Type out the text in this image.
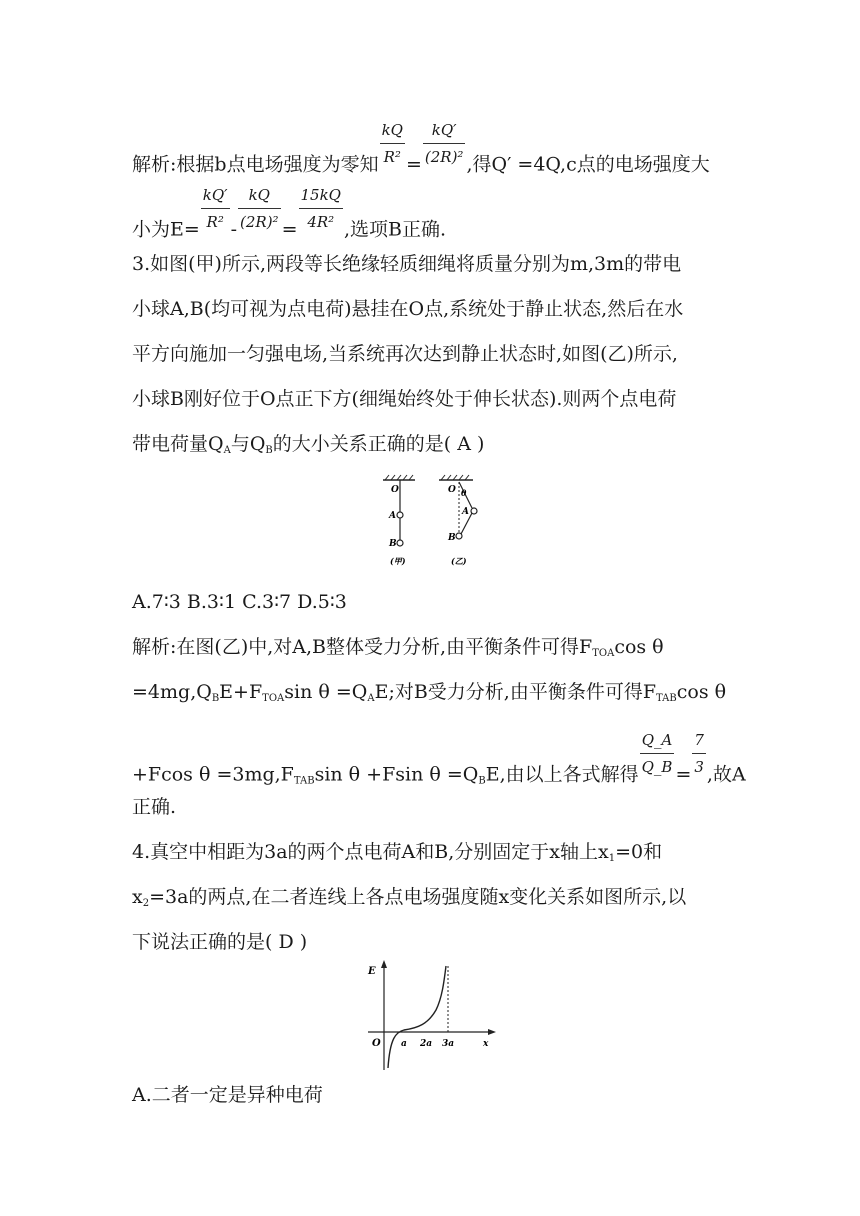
解析:根据b点电场强度为零知 $\frac{kQ}{\text{R²}} = \frac{kQ'}{\text{(2R)²}}$ ,得Q′ =4Q,c点的电场强度大
小为$E= \frac{kQ'}{\text{R²}} - \frac{kQ}{\text{(2R)²}} = \frac{15kQ}{\text{4R²}}$ ,选项B正确.
3.如图(甲)所示,两段等长绝缘轻质细绳将质量分别为m,3m的带电
小球A,B(均可视为点电荷)悬挂在O点,系统处于静止状态,然后在水
平方向施加一匀强电场,当系统再次达到静止状态时,如图(乙)所示,
小球B刚好位于O点正下方(细绳始终处于伸长状态).则两个点电荷
带电荷量$Q_A$与$Q_B$的大小关系正确的是( A )
O
A
B
(甲)
O θ
A
B
(乙)
A.7∶3 B.3∶1 C.3∶7 D.5∶3
解析:在图(乙)中,对A,B整体受力分析,由平衡条件可得$F_{TOA}\cos$ θ
$=4mg,Q_BE+F_{TOA}\sin$ $\theta =Q_AE$;对B受力分析,由平衡条件可得$F_{TAB}\cos$ θ
+Fcos $\theta =3mg,F_{TAB}\sin$ θ +Fsin $\theta =Q_BE$,由以上各式解得 $\frac{Q\_A}{Q\_B} = \frac{7}{3}$ ,故A
正确.
4.真空中相距为3a的两个点电荷A和B,分别固定于x轴上$x_1=0$和
$x_2=3a$的两点,在二者连线上各点电场强度随x变化关系如图所示,以
下说法正确的是( D )
E
O a 2a 3a	x
A.二者一定是异种电荷
